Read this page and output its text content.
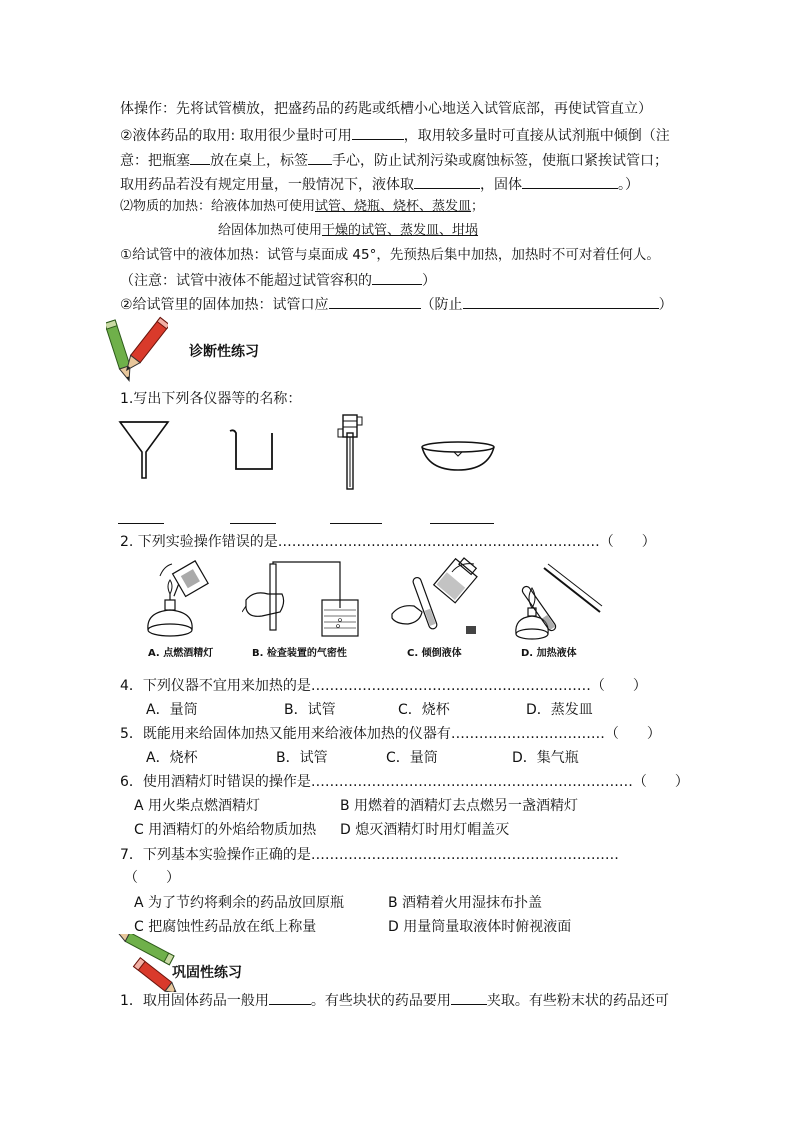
体操作：先将试管横放，把盛药品的药匙或纸槽小心地送入试管底部，再使试管直立）
②液体药品的取用: 取用很少量时可用	，取用较多量时可直接从试剂瓶中倾倒（注
意：把瓶塞 放在桌上，标签 手心，防止试剂污染或腐蚀标签，使瓶口紧挨试管口；
取用药品若没有规定用量，一般情况下，液体取	，固体	。）
⑵物质的加热：给液体加热可使用试管、烧瓶、烧杯、蒸发皿；
给固体加热可使用干燥的试管、蒸发皿、坩埚
①给试管中的液体加热：试管与桌面成 45°，先预热后集中加热，加热时不可对着任何人。
（注意：试管中液体不能超过试管容积的	）
②给试管里的固体加热：试管口应	（防止	）
诊断性练习
1.写出下列各仪器等的名称：
2. 下列实验操作错误的是……………………………………………………………（　　）
A. 点燃酒精灯	B. 检查装置的气密性	C. 倾倒液体	D. 加热液体
4．下列仪器不宜用来加热的是……………………………………………………（　　）
A．量筒	B．试管	C．烧杯	D．蒸发皿
5．既能用来给固体加热又能用来给液体加热的仪器有……………………………（　　）
A．烧杯	B．试管	C．量筒	D．集气瓶
6．使用酒精灯时错误的操作是……………………………………………………………（　　）
A 用火柴点燃酒精灯	B 用燃着的酒精灯去点燃另一盏酒精灯
C 用酒精灯的外焰给物质加热 D 熄灭酒精灯时用灯帽盖灭
7．下列基本实验操作正确的是…………………………………………………………
（　　）
A 为了节约将剩余的药品放回原瓶	B 酒精着火用湿抹布扑盖
C 把腐蚀性药品放在纸上称量	D 用量筒量取液体时俯视液面
巩固性练习
1．取用固体药品一般用	。有些块状的药品要用	夹取。有些粉末状的药品还可
